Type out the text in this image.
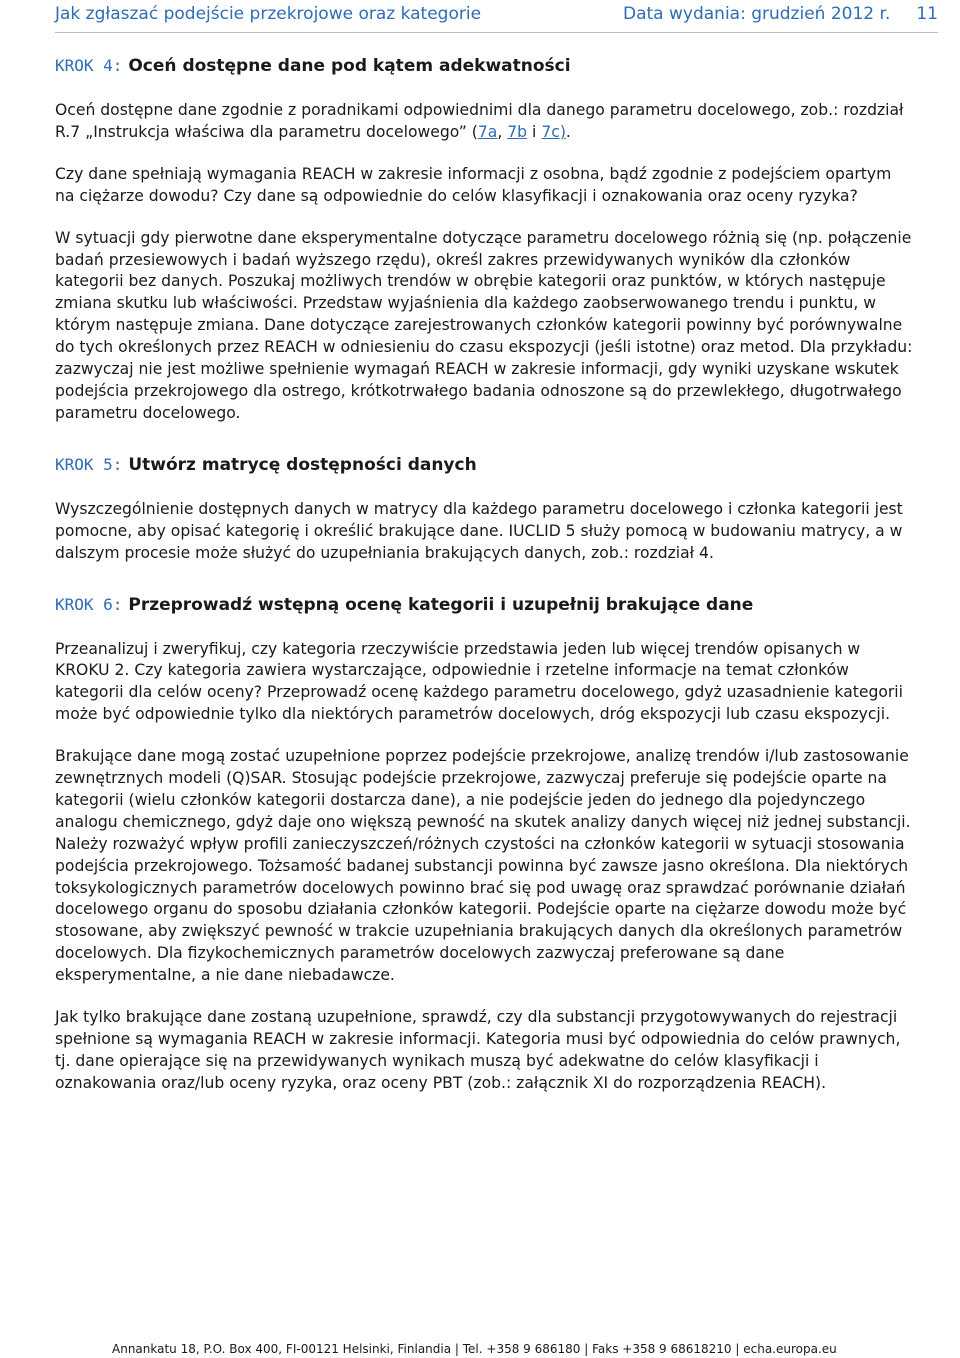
Jak zgłaszać podejście przekrojowe oraz kategorie	Data wydania: grudzień 2012 r. 11
KROK 4: Oceń dostępne dane pod kątem adekwatności

Oceń dostępne dane zgodnie z poradnikami odpowiednimi dla danego parametru docelowego, zob.: rozdział R.7 „Instrukcja właściwa dla parametru docelowego” (7a, 7b i 7c).

Czy dane spełniają wymagania REACH w zakresie informacji z osobna, bądź zgodnie z podejściem opartym na ciężarze dowodu? Czy dane są odpowiednie do celów klasyfikacji i oznakowania oraz oceny ryzyka?

W sytuacji gdy pierwotne dane eksperymentalne dotyczące parametru docelowego różnią się (np. połączenie badań przesiewowych i badań wyższego rzędu), określ zakres przewidywanych wyników dla członków kategorii bez danych. Poszukaj możliwych trendów w obrębie kategorii oraz punktów, w których następuje zmiana skutku lub właściwości. Przedstaw wyjaśnienia dla każdego zaobserwowanego trendu i punktu, w którym następuje zmiana. Dane dotyczące zarejestrowanych członków kategorii powinny być porównywalne do tych określonych przez REACH w odniesieniu do czasu ekspozycji (jeśli istotne) oraz metod. Dla przykładu: zazwyczaj nie jest możliwe spełnienie wymagań REACH w zakresie informacji, gdy wyniki uzyskane wskutek podejścia przekrojowego dla ostrego, krótkotrwałego badania odnoszone są do przewlekłego, długotrwałego parametru docelowego.

KROK 5: Utwórz matrycę dostępności danych

Wyszczególnienie dostępnych danych w matrycy dla każdego parametru docelowego i członka kategorii jest pomocne, aby opisać kategorię i określić brakujące dane. IUCLID 5 służy pomocą w budowaniu matrycy, a w dalszym procesie może służyć do uzupełniania brakujących danych, zob.: rozdział 4.

KROK 6: Przeprowadź wstępną ocenę kategorii i uzupełnij brakujące dane

Przeanalizuj i zweryfikuj, czy kategoria rzeczywiście przedstawia jeden lub więcej trendów opisanych w KROKU 2. Czy kategoria zawiera wystarczające, odpowiednie i rzetelne informacje na temat członków kategorii dla celów oceny? Przeprowadź ocenę każdego parametru docelowego, gdyż uzasadnienie kategorii może być odpowiednie tylko dla niektórych parametrów docelowych, dróg ekspozycji lub czasu ekspozycji.

Brakujące dane mogą zostać uzupełnione poprzez podejście przekrojowe, analizę trendów i/lub zastosowanie zewnętrznych modeli (Q)SAR. Stosując podejście przekrojowe, zazwyczaj preferuje się podejście oparte na kategorii (wielu członków kategorii dostarcza dane), a nie podejście jeden do jednego dla pojedynczego analogu chemicznego, gdyż daje ono większą pewność na skutek analizy danych więcej niż jednej substancji. Należy rozważyć wpływ profili zanieczyszczeń/różnych czystości na członków kategorii w sytuacji stosowania podejścia przekrojowego. Tożsamość badanej substancji powinna być zawsze jasno określona. Dla niektórych toksykologicznych parametrów docelowych powinno brać się pod uwagę oraz sprawdzać porównanie działań docelowego organu do sposobu działania członków kategorii. Podejście oparte na ciężarze dowodu może być stosowane, aby zwiększyć pewność w trakcie uzupełniania brakujących danych dla określonych parametrów docelowych. Dla fizykochemicznych parametrów docelowych zazwyczaj preferowane są dane eksperymentalne, a nie dane niebadawcze.

Jak tylko brakujące dane zostaną uzupełnione, sprawdź, czy dla substancji przygotowywanych do rejestracji spełnione są wymagania REACH w zakresie informacji. Kategoria musi być odpowiednia do celów prawnych, tj. dane opierające się na przewidywanych wynikach muszą być adekwatne do celów klasyfikacji i oznakowania oraz/lub oceny ryzyka, oraz oceny PBT (zob.: załącznik XI do rozporządzenia REACH).

Annankatu 18, P.O. Box 400, FI-00121 Helsinki, Finlandia | Tel. +358 9 686180 | Faks +358 9 68618210 | echa.europa.eu
